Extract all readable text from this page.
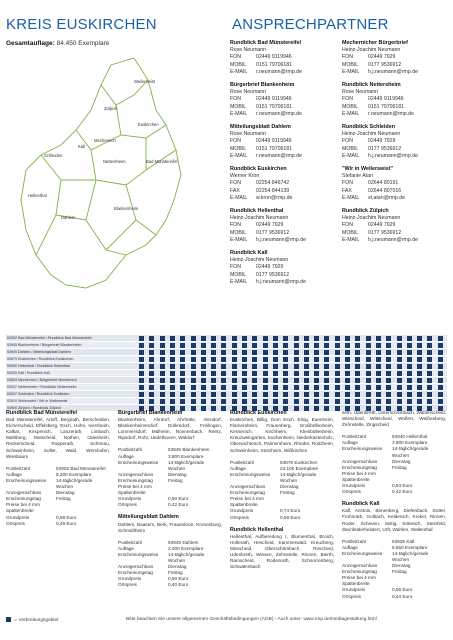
KREIS EUSKIRCHEN	ANSPRECHPARTNER
Gesamtauflage: 84.450 Exemplare
Weilerswist
Zülpich
Euskirchen
Mechernich
Bad Münstereifel
Schleiden
Kall
Nettersheim
Hellenthal
Blankenheim
Dahlem
Rundblick Bad Münstereifel
Rose Neumann
FON	02449 9119946
MOBIL	0151 79706181
E-MAIL	r.neumann@rmp.de
Bürgerbrief Blankenheim
Rose Neumann
FON	02449 9119946
MOBIL	0151 79706181
E-MAIL	r.neumann@rmp.de
Mitteilungsblatt Dahlem
Rose Neumann
FON	02449 9119946
MOBIL	0151 79706181
E-MAIL	r.neumann@rmp.de
Rundblick Euskirchen
Werner Kron
FON	02254 846742
FAX	02254 844139
E-MAIL	w.kron@rmp.de
Rundblick Hellenthal
Heinz-Joachim Neumann
FON	02449 7929
MOBIL	0177 9536912
E-MAIL	h.j.neumann@rmp.de
Rundblick Kall
Heinz-Joachim Neumann
FON	02449 7929
MOBIL	0177 9536912
E-MAIL	h.j.neumann@rmp.de
Mechernicher Bürgerbrief
Heinz-Joachim Neumann
FON	02449 7929
MOBIL	0177 9536912
E-MAIL	h.j.neumann@rmp.de
Rundblick Nettersheim
Rose Neumann
FON	02449 9119946
MOBIL	0151 79706181
E-MAIL	r.neumann@rmp.de
Rundblick Schleiden
Heinz-Joachim Neumann
FON	02449 7929
MOBIL	0177 9536912
E-MAIL	h.j.neumann@rmp.de
"Wir in Weilerswist"
Stefanie Atan
FON	02644 80191
FAX	02644 807016
E-MAIL	st.atan@rmp.de
Rundblick Zülpich
Heinz-Joachim Neumann
FON	02449 7929
MOBIL	0177 9536912
E-MAIL	h.j.neumann@rmp.de
53902 Bad Münstereifel / Rundblick Bad Münstereifel
53945 Blankenheim / Bürgerbrief Blankenheim
53949 Dahlem / Mitteilungsblatt Dahlem
53879 Euskirchen / Rundblick Euskirchen
53940 Hellenthal / Rundblick Hellenthal
53925 Kall / Rundblick Kall
53894 Mechernich / Bürgerbrief Mechernich
53947 Nettersheim / Rundblick Nettersheim
53937 Schleiden / Rundblick Schleiden
53919 Weilerswist / Wir in Weilerswist
53909 Zülpich / Rundblick Zülpich
Rundblick Bad Münstereifel

Bad Münstereifel, Arloff, Bergrath, Berscheiden, Eicherscheid, Effelsberg, Esch, Hohn, Iversheim, Kalkar, Kirspenich, Lanzerath, Limbach, Mahlberg, Mutscheid, Nöthen, Odesheim, Reckerscheid, Rupperath, Schönau, Schweinheim, Soller, Wald, Wershofen, Wiesbaum

Postleitzahl	53902 Bad Münstereifel
Auflage	8.200 Exemplare
Erscheinungsweise	14-täglich/gerade Wochen
Anzeigenschluss	Dienstag
Erscheinungstag	Freitag
Preise bei 4 mm Spaltenbreite
Grundpreis	0,58 Euro
Ortspreis	0,49 Euro
Bürgerbrief Blankenheim

Blankenheim, Ahrdorf, Ahrhütte, Alendorf, Blankenheimerdorf, Dollendorf, Freilingen, Lommersdorf, Mülheim, Nonnenbach, Reetz, Ripsdorf, Rohr, Uedelhoven, Waldorf

Postleitzahl	53945 Blankenheim
Auflage	3.800 Exemplare
Erscheinungsweise	14-täglich/gerade Wochen
Anzeigenschluss	Dienstag
Erscheinungstag	Freitag
Preise bei 4 mm Spaltenbreite
Grundpreis	0,50 Euro
Ortspreis	0,42 Euro
Mitteilungsblatt Dahlem

Dahlem, Baasem, Berk, Frauenkron, Kronenburg, Schmidtheim

Postleitzahl	53949 Dahlem
Auflage	2.000 Exemplare
Erscheinungsweise	14-täglich/gerade Wochen
Anzeigenschluss	Dienstag
Erscheinungstag	Freitag
Grundpreis	0,50 Euro
Ortspreis	0,40 Euro
Rundblick Euskirchen

Euskirchen, Billig, Dom Esch, Elsig, Euenheim, Flamersheim, Frauenberg, Großbüllesheim, Kessenich, Kirchheim, Kleinbüllesheim, Kreuzweingarten, Kuchenheim, Niederkastenholz, Oberwichterich, Palmersheim, Rheder, Roitzheim, Schweinheim, Stotzheim, Wißkirchen

Postleitzahl	53879 Euskirchen
Auflage	24.100 Exemplare
Erscheinungsweise	14-täglich/gerade Wochen
Anzeigenschluss	Dienstag
Erscheinungstag	Freitag
Preise bei 4 mm Spaltenbreite
Grundpreis	0,74 Euro
Ortspreis	0,59 Euro
Rundblick Hellenthal

Hellenthal, Aufbereitung I, Blumenthal, Broich, Hollerath, Hescheid, Kammerwald, Kreuzberg, Miescheid, Oberschömbach, Rescheid, Udenbreth, Wiesen, Zehnstelle, Rinnen, Bierth, Ramscheid, Rodenrath, Schnorrenberg, Schwalenbach

seth, Udenbreth, Unterschömbach, Wahlerscheid, Wiescheid, Wittscheid, Wolfert, Weißenberg, Zehnstelle, Zingscheid

Postleitzahl	53940 Hellenthal
Auflage	3.900 Exemplare
Erscheinungsweise	14-täglich/gerade Wochen
Anzeigenschluss	Dienstag
Erscheinungstag	Freitag
Preise bei 4 mm Spaltenbreite
Grundpreis	0,53 Euro
Ortspreis	0,42 Euro
Rundblick Kall

Kall, Anstois, Benenberg, Diefenbach, Dottel, Frohnrath, Golbach, Keldenich, Krekel, Rinnen, Roder, Scheven, Sistig, Sötenich, Steinfeld, Steinfelderheistert, Urft, Wahlen, Wallenthal

Postleitzahl	53925 Kall
Auflage	5.550 Exemplare
Erscheinungsweise	14-täglich/gerade Wochen
Anzeigenschluss	Dienstag
Erscheinungstag	Freitag
Preise bei 4 mm Spaltenbreite
Grundpreis	0,55 Euro
Ortspreis	0,44 Euro
= Verbreitungsgebiet	Bitte beachten Sie unsere allgemeinen Geschäftsbedingungen (AGB) - Auch unter: www.rmp.de/mediagestaltung.html
